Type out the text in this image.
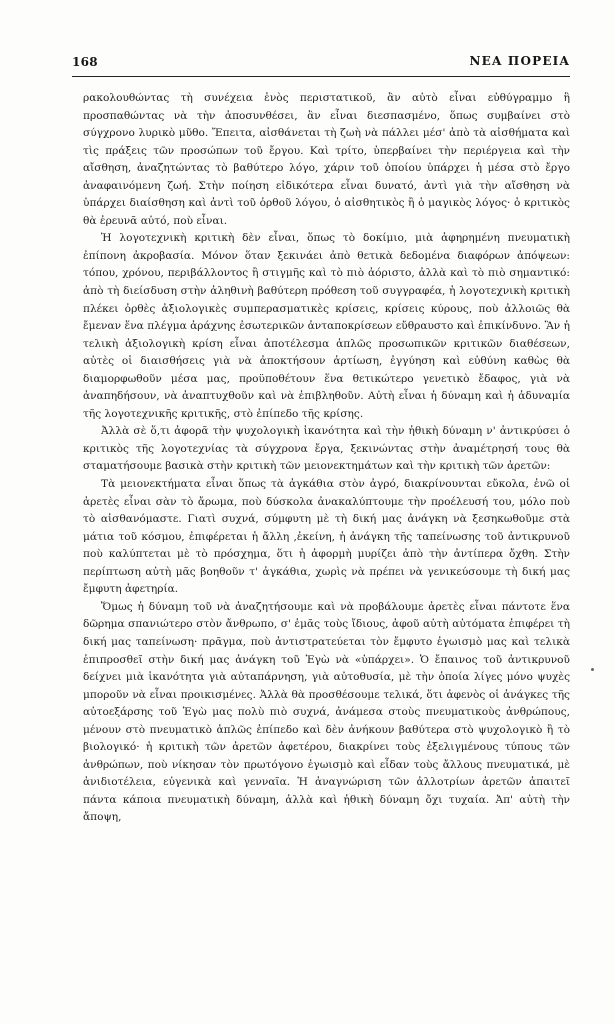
168	ΝΕΑ ΠΟΡΕΙΑ

ρακολουθώντας τὴ συνέχεια ἑνὸς περιστατικοῦ, ἂν αὐτὸ εἶναι εὐθύγραμμο ἢ προσπαθώντας νὰ τὴν ἀποσυνθέσει, ἂν εἶναι διεσπασμένο, ὅπως συμβαίνει στὸ σύγχρονο λυρικὸ μῦθο. Ἔπειτα, αἰσθάνεται τὴ ζωὴ νὰ πάλλει μέσ' ἀπὸ τὰ αἰσθήματα καὶ τὶς πράξεις τῶν προσώπων τοῦ ἔργου. Καὶ τρίτο, ὑπερβαίνει τὴν περιέργεια καὶ τὴν αἴσθηση, ἀναζητώντας τὸ βαθύτερο λόγο, χάριν τοῦ ὁποίου ὑπάρχει ἡ μέσα στὸ ἔργο ἀναφαινόμενη ζωή. Στὴν ποίηση εἰδικότερα εἶναι δυνατό, ἀντὶ γιὰ τὴν αἴσθηση νὰ ὑπάρχει διαίσθηση καὶ ἀντὶ τοῦ ὀρθοῦ λόγου, ὁ αἰσθητικὸς ἢ ὁ μαγικὸς λόγος· ὁ κριτικὸς θὰ ἐρευνᾶ αὐτό, ποὺ εἶναι.

Ἡ λογοτεχνικὴ κριτικὴ δὲν εἶναι, ὅπως τὸ δοκίμιο, μιὰ ἀφηρημένη πνευματικὴ ἐπίπονη ἀκροβασία. Μόνον ὅταν ξεκινάει ἀπὸ θετικὰ δεδομένα διαφόρων ἀπόψεων: τόπου, χρόνου, περιβάλλοντος ἢ στιγμῆς καὶ τὸ πιὸ ἀόριστο, ἀλλὰ καὶ τὸ πιὸ σημαντικό: ἀπὸ τὴ διείσδυση στὴν ἀληθινὴ βαθύτερη πρόθεση τοῦ συγγραφέα, ἡ λογοτεχνικὴ κριτικὴ πλέκει ὀρθὲς ἀξιολογικὲς συμπερασματικὲς κρίσεις, κρίσεις κύρους, ποὺ ἀλλοιῶς θὰ ἔμεναν ἕνα πλέγμα ἀράχνης ἐσωτερικῶν ἀνταποκρίσεων εὔθραυστο καὶ ἐπικίνδυνο. Ἂν ἡ τελικὴ ἀξιολογικὴ κρίση εἶναι ἀποτέλεσμα ἁπλῶς προσωπικῶν κριτικῶν διαθέσεων, αὐτὲς οἱ διαισθήσεις γιὰ νὰ ἀποκτήσουν ἀρτίωση, ἐγγύηση καὶ εὐθύνη καθὼς θὰ διαμορφωθοῦν μέσα μας, προϋποθέτουν ἕνα θετικώτερο γενετικὸ ἔδαφος, γιὰ νὰ ἀναπηδήσουν, νὰ ἀναπτυχθοῦν καὶ νὰ ἐπιβληθοῦν. Αὐτὴ εἶναι ἡ δύναμη καὶ ἡ ἀδυναμία τῆς λογοτεχνικῆς κριτικῆς, στὸ ἐπίπεδο τῆς κρίσης.

Ἀλλὰ σὲ ὅ,τι ἀφορᾶ τὴν ψυχολογικὴ ἱκανότητα καὶ τὴν ἠθικὴ δύναμη ν' ἀντικρύσει ὁ κριτικὸς τῆς λογοτεχνίας τὰ σύγχρονα ἔργα, ξεκινώντας στὴν ἀναμέτρησή τους θὰ σταματήσουμε βασικὰ στὴν κριτικὴ τῶν μειονεκτημάτων καὶ τὴν κριτικὴ τῶν ἀρετῶν:

Τὰ μειονεκτήματα εἶναι ὅπως τὰ ἀγκάθια στὸν ἀγρό, διακρίνουνται εὔκολα, ἐνῶ οἱ ἀρετὲς εἶναι σὰν τὸ ἄρωμα, ποὺ δύσκολα ἀνακαλύπτουμε τὴν προέλευσή του, μόλο ποὺ τὸ αἰσθανόμαστε. Γιατὶ συχνά, σύμφυτη μὲ τὴ δική μας ἀνάγκη νὰ ξεσηκωθοῦμε στὰ μάτια τοῦ κόσμου, ἐπιφέρεται ἡ ἄλλη ,ἐκείνη, ἡ ἀνάγκη τῆς ταπείνωσης τοῦ ἀντικρυνοῦ ποὺ καλύπτεται μὲ τὸ πρόσχημα, ὅτι ἡ ἀφορμὴ μυρίζει ἀπὸ τὴν ἀντίπερα ὄχθη. Στὴν περίπτωση αὐτὴ μᾶς βοηθοῦν τ' ἀγκάθια, χωρὶς νὰ πρέπει νὰ γενικεύσουμε τὴ δική μας ἔμφυτη ἀφετηρία.

Ὅμως ἡ δύναμη τοῦ νὰ ἀναζητήσουμε καὶ νὰ προβάλουμε ἀρετὲς εἶναι πάντοτε ἕνα δῶρημα σπανιώτερο στὸν ἄνθρωπο, σ' ἐμᾶς τοὺς ἴδιους, ἀφοῦ αὐτὴ αὐτόματα ἐπιφέρει τὴ δική μας ταπείνωση· πρᾶγμα, ποὺ ἀντιστρατεύεται τὸν ἔμφυτο ἐγωισμὸ μας καὶ τελικὰ ἐπιπροσθεῖ στὴν δική μας ἀνάγκη τοῦ Ἐγὼ νὰ «ὑπάρχει». Ὁ ἔπαινος τοῦ ἀντικρυνοῦ δείχνει μιὰ ἱκανότητα γιὰ αὐταπάρνηση, γιὰ αὐτοθυσία, μὲ τὴν ὁποία λίγες μόνο ψυχὲς μποροῦν νὰ εἶναι προικισμένες. Ἀλλὰ θὰ προσθέσουμε τελικά, ὅτι ἀφενὸς οἱ ἀνάγκες τῆς αὐτοεξάρσης τοῦ Ἐγὼ μας πολὺ πιὸ συχνά, ἀνάμεσα στοὺς πνευματικοὺς ἀνθρώπους, μένουν στὸ πνευματικὸ ἁπλῶς ἐπίπεδο καὶ δὲν ἀνήκουν βαθύτερα στὸ ψυχολογικὸ ἢ τὸ βιολογικό· ἡ κριτικὴ τῶν ἀρετῶν ἀφετέρου, διακρίνει τοὺς ἐξελιγμένους τύπους τῶν ἀνθρώπων, ποὺ νίκησαν τὸν πρωτόγονο ἐγωισμὸ καὶ εἶδαν τοὺς ἄλλους πνευματικά, μὲ ἀνιδιοτέλεια, εὐγενικὰ καὶ γενναῖα. Ἡ ἀναγνώριση τῶν ἀλλοτρίων ἀρετῶν ἀπαιτεῖ πάντα κάποια πνευματικὴ δύναμη, ἀλλὰ καὶ ἠθικὴ δύναμη ὄχι τυχαία. Ἀπ' αὐτὴ τὴν ἄποψη,
